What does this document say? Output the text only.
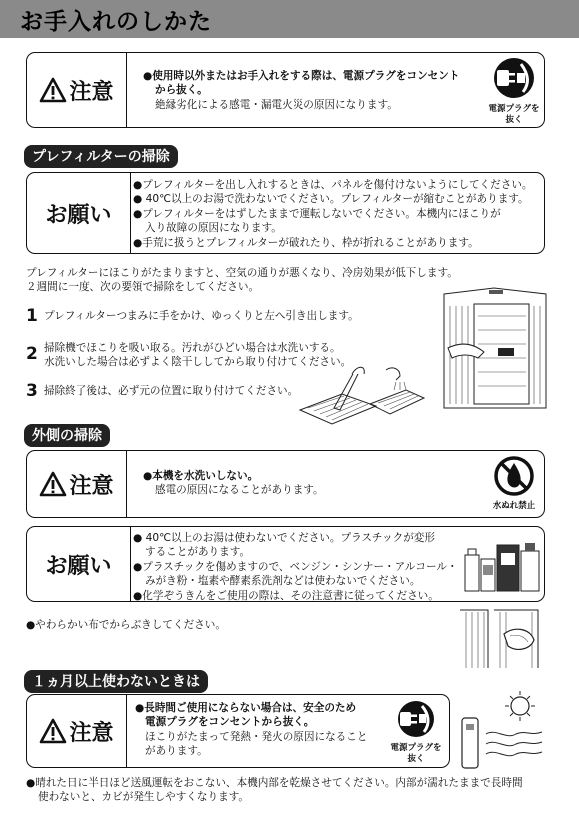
お手入れのしかた
注意
●使用時以外またはお手入れをする際は、電源プラグをコンセント
から抜く。
絶縁劣化による感電・漏電火災の原因になります。	電源プラグを
抜く
プレフィルターの掃除
お願い
●プレフィルターを出し入れするときは、パネルを傷付けないようにしてください。
● 40℃以上のお湯で洗わないでください。プレフィルターが縮むことがあります。
●プレフィルターをはずしたままで運転しないでください。本機内にほこりが
入り故障の原因になります。
●手荒に扱うとプレフィルターが破れたり、枠が折れることがあります。
プレフィルターにほこりがたまりますと、空気の通りが悪くなり、冷房効果が低下します。
２週間に一度、次の要領で掃除をしてください。
1 プレフィルターつまみに手をかけ、ゆっくりと左へ引き出します。
2 掃除機でほこりを吸い取る。汚れがひどい場合は水洗いする。
水洗いした場合は必ずよく陰干ししてから取り付けてください。
3 掃除終了後は、必ず元の位置に取り付けてください。
外側の掃除
注意	●本機を水洗いしない。
感電の原因になることがあります。
水ぬれ禁止
お願い
● 40℃以上のお湯は使わないでください。プラスチックが変形
することがあります。
●プラスチックを傷めますので、ベンジン・シンナー・アルコール・
みがき粉・塩素や酵素系洗剤などは使わないでください。
●化学ぞうきんをご使用の際は、その注意書に従ってください。
●やわらかい布でからぶきしてください。
１ヵ月以上使わないときは
注意
●長時間ご使用にならない場合は、安全のため
電源プラグをコンセントから抜く。
ほこりがたまって発熱・発火の原因になること
があります。	電源プラグを
抜く
●晴れた日に半日ほど送風運転をおこない、本機内部を乾燥させてください。内部が濡れたままで長時間
使わないと、カビが発生しやすくなります。
